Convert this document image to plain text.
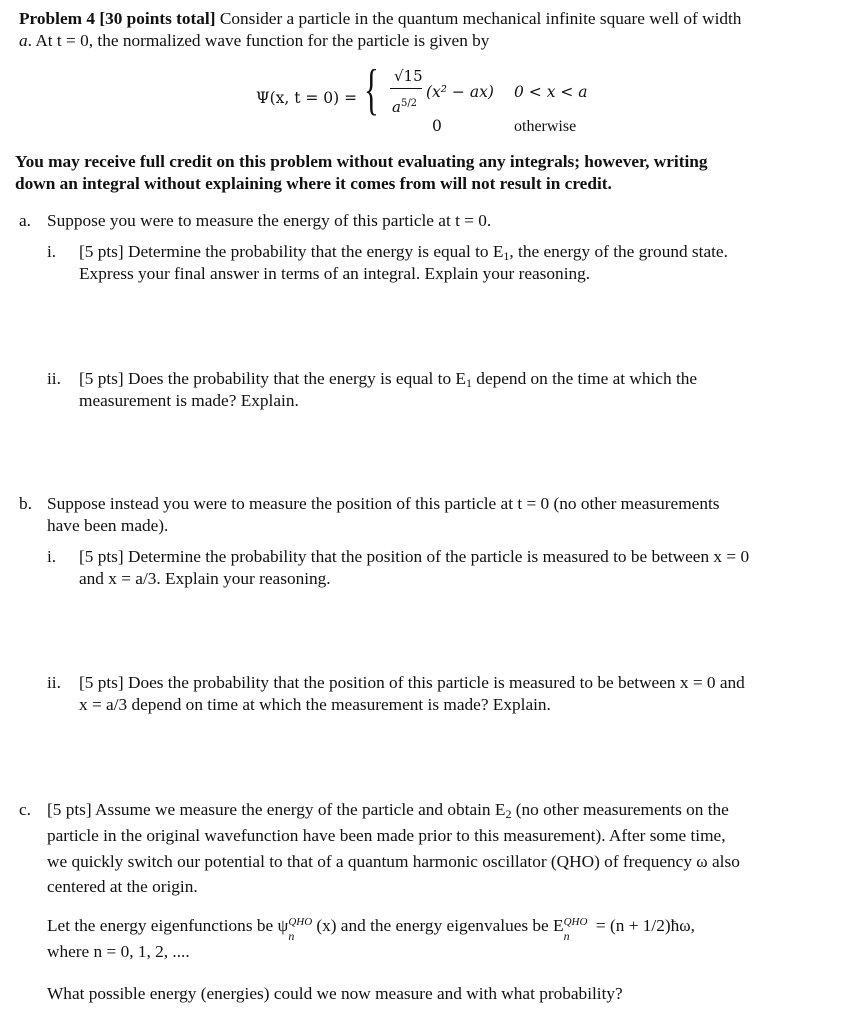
Problem 4 [30 points total] Consider a particle in the quantum mechanical infinite square well of width
a. At t = 0, the normalized wave function for the particle is given by
Ψ(x, t = 0) = { √15
$a^{5/2}$
(x² − ax) 0 < x < a
0	otherwise
You may receive full credit on this problem without evaluating any integrals; however, writing
down an integral without explaining where it comes from will not result in credit.
a. Suppose you were to measure the energy of this particle at t = 0.
i. [5 pts] Determine the probability that the energy is equal to $E_1$, the energy of the ground state.
Express your final answer in terms of an integral. Explain your reasoning.
ii. [5 pts] Does the probability that the energy is equal to $E_1$ depend on the time at which the
measurement is made? Explain.
b. Suppose instead you were to measure the position of this particle at t = 0 (no other measurements
have been made).
i. [5 pts] Determine the probability that the position of the particle is measured to be between x = 0
and x = a/3. Explain your reasoning.
ii. [5 pts] Does the probability that the position of this particle is measured to be between x = 0 and
x = a/3 depend on time at which the measurement is made? Explain.
c. [5 pts] Assume we measure the energy of the particle and obtain $E_2$ (no other measurements on the
particle in the original wavefunction have been made prior to this measurement). After some time,
we quickly switch our potential to that of a quantum harmonic oscillator (QHO) of frequency ω also
centered at the origin.
Let the energy eigenfunctions be ψ QHO
n
(x) and the energy eigenvalues be E QHO
n
= (n + 1/2)ħω,
where n = 0, 1, 2, ....
What possible energy (energies) could we now measure and with what probability?
